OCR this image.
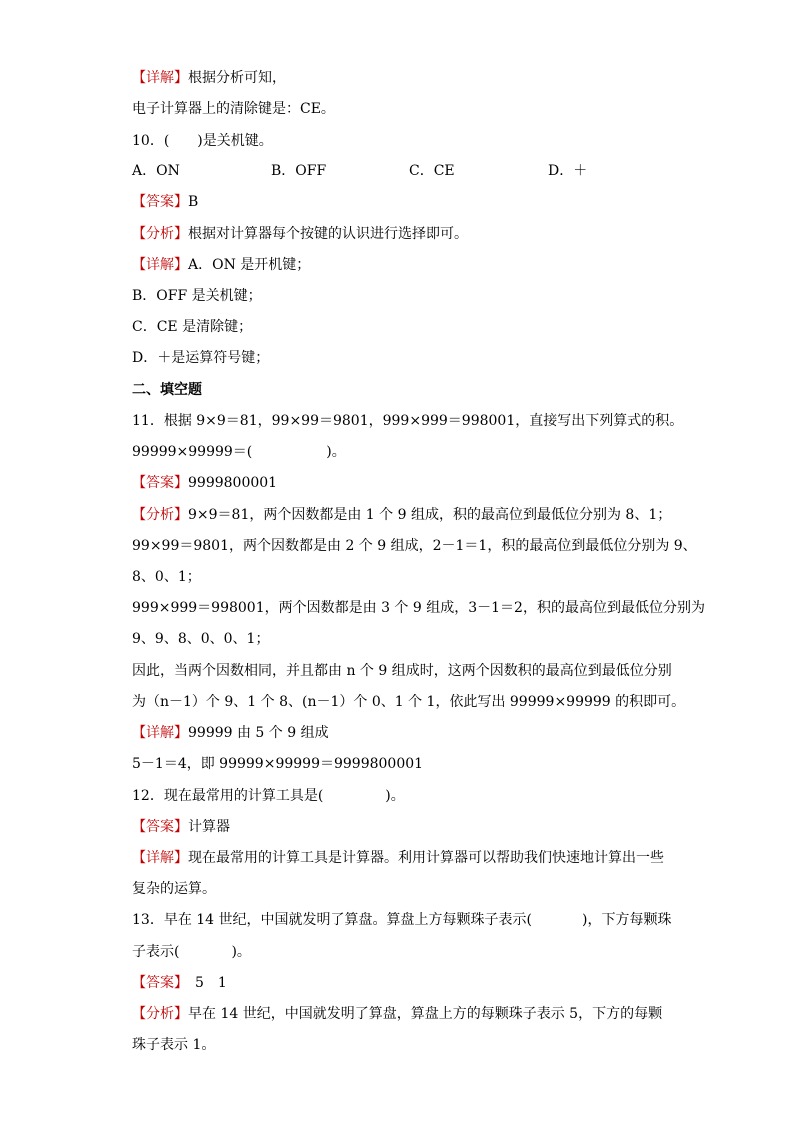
【详解】根据分析可知，
电子计算器上的清除键是：CE。
10．(　　)是关机键。
A．ON	B．OFF	C．CE	D．＋
【答案】B
【分析】根据对计算器每个按键的认识进行选择即可。
【详解】A．ON 是开机键；
B．OFF 是关机键；
C．CE 是清除键；
D．＋是运算符号键；
二、填空题
11．根据 9×9＝81，99×99＝9801，999×999＝998001，直接写出下列算式的积。
99999×99999＝(	)。
【答案】9999800001
【分析】9×9＝81，两个因数都是由 1 个 9 组成，积的最高位到最低位分别为 8、1；
99×99＝9801，两个因数都是由 2 个 9 组成，2－1＝1，积的最高位到最低位分别为 9、
8、0、1；
999×999＝998001，两个因数都是由 3 个 9 组成，3－1＝2，积的最高位到最低位分别为
9、9、8、0、0、1；
因此，当两个因数相同，并且都由 n 个 9 组成时，这两个因数积的最高位到最低位分别
为（n－1）个 9、1 个 8、(n－1）个 0、1 个 1，依此写出 99999×99999 的积即可。
【详解】99999 由 5 个 9 组成
5－1＝4，即 99999×99999＝9999800001
12．现在最常用的计算工具是(	)。
【答案】计算器
【详解】现在最常用的计算工具是计算器。利用计算器可以帮助我们快速地计算出一些
复杂的运算。
13．早在 14 世纪，中国就发明了算盘。算盘上方每颗珠子表示(	)，下方每颗珠
子表示(	)。
【答案】　5　1
【分析】早在 14 世纪，中国就发明了算盘，算盘上方的每颗珠子表示 5，下方的每颗
珠子表示 1。
